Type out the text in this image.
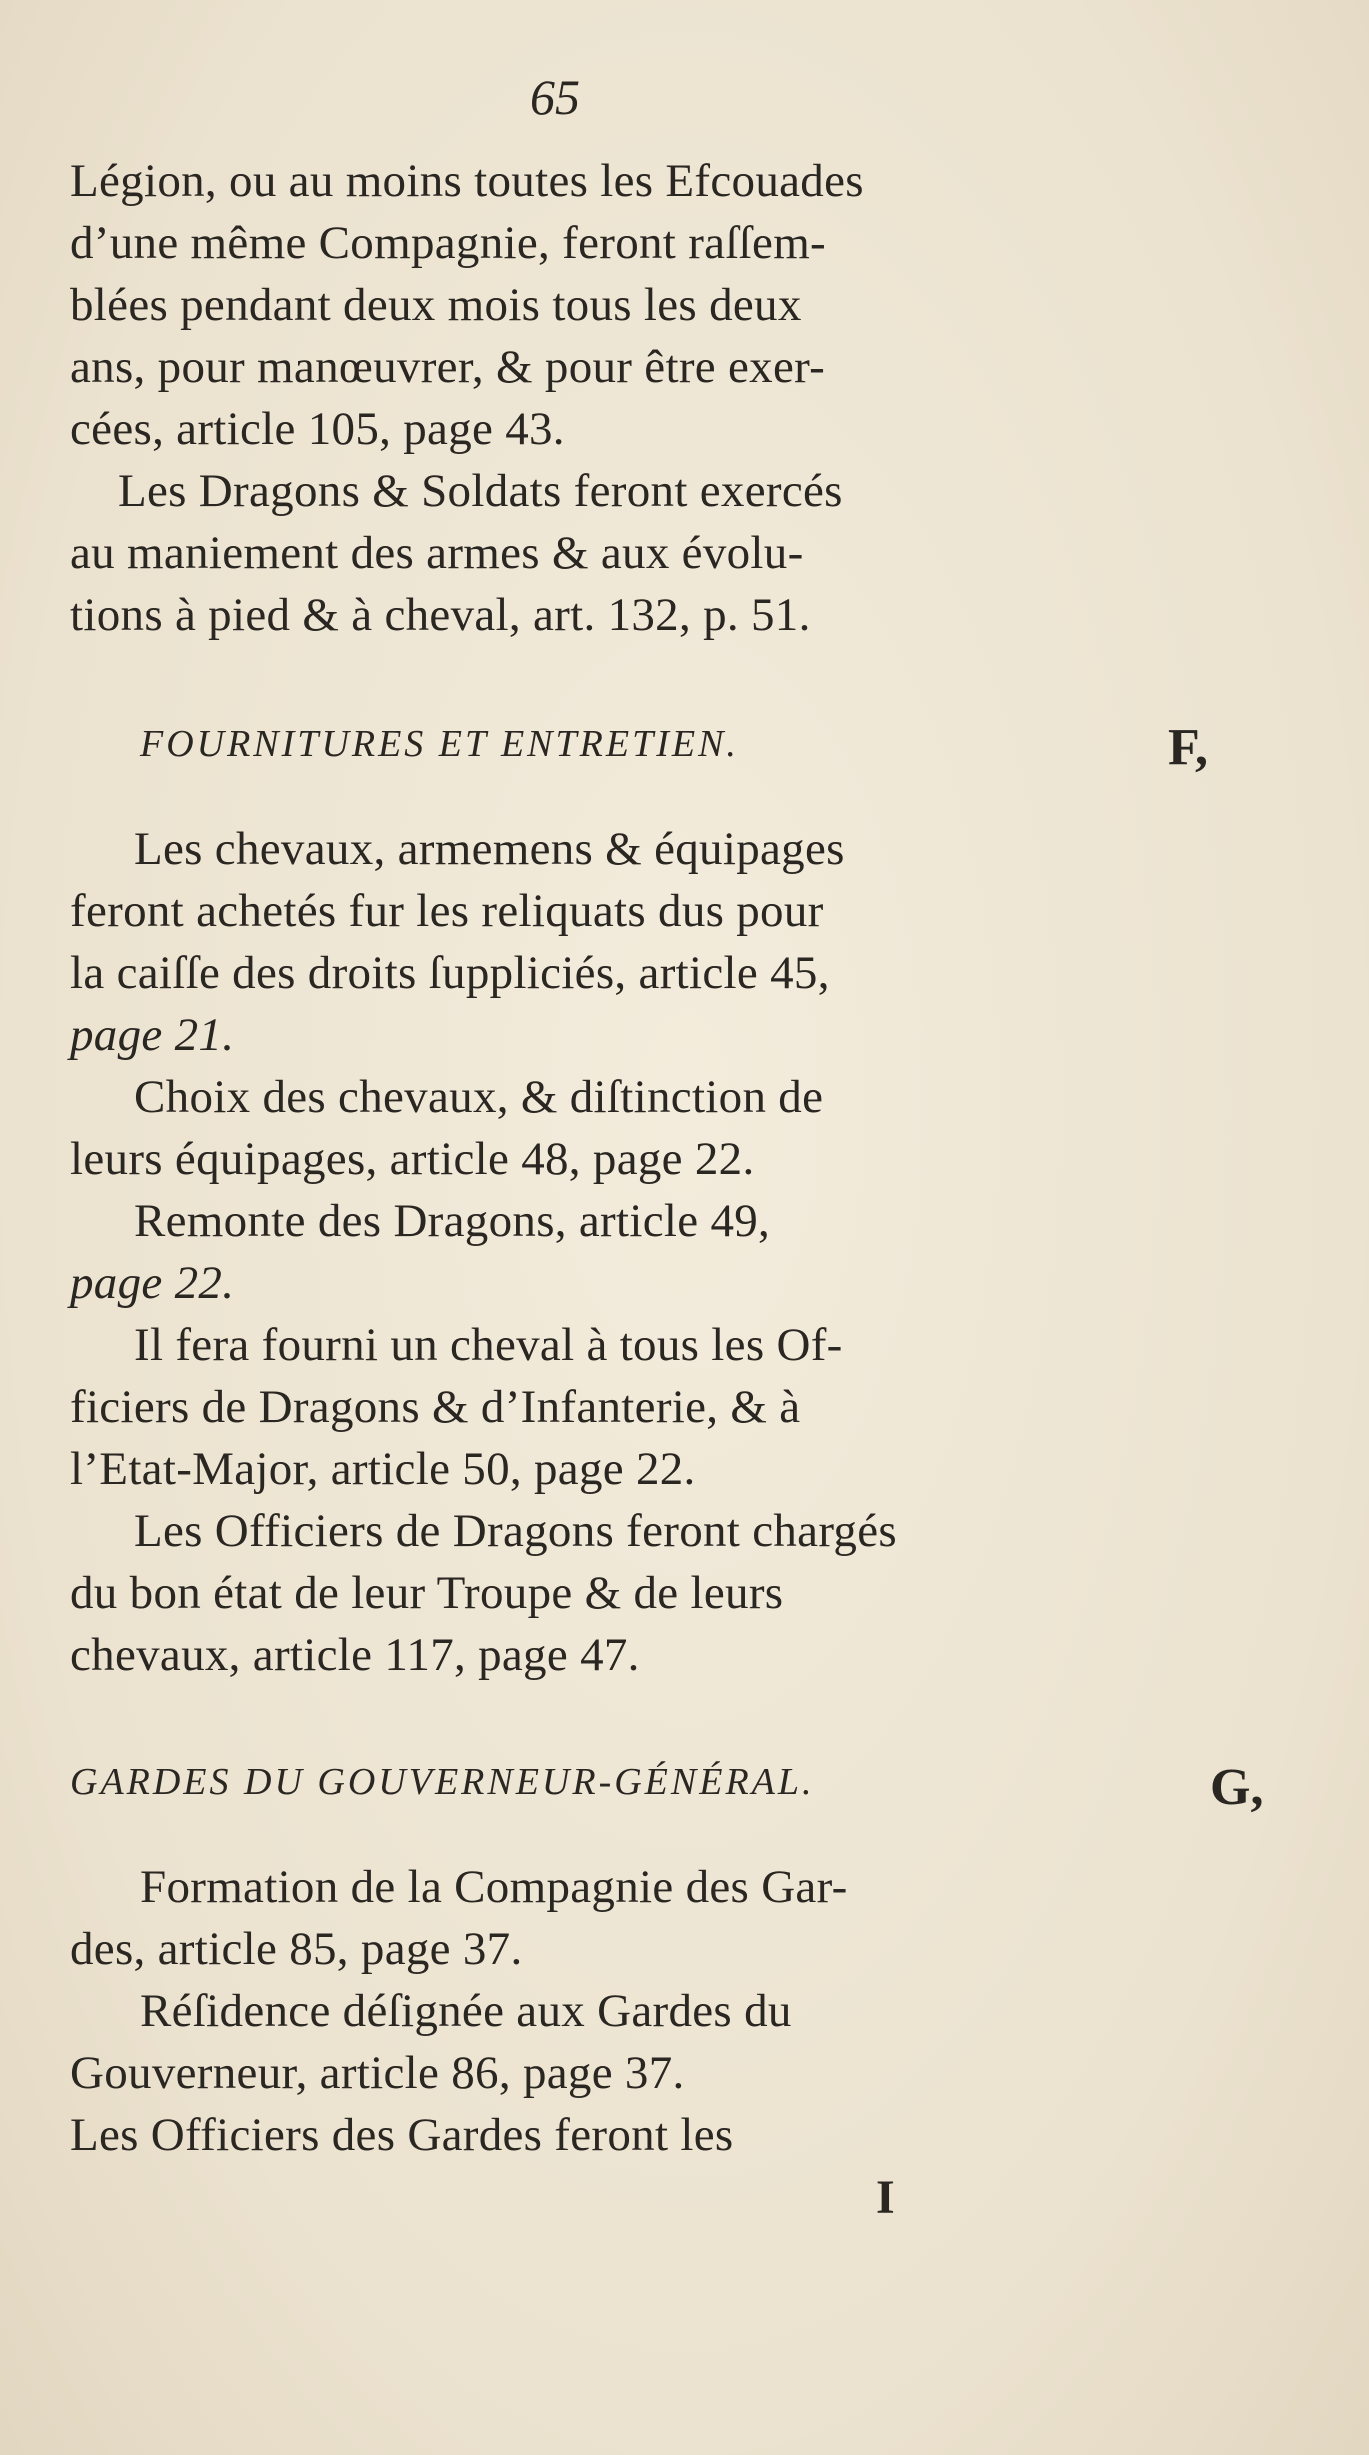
65
Légion, ou au moins toutes les Efcouades
d’une même Compagnie, feront raſſem-
blées pendant deux mois tous les deux
ans, pour manœuvrer, & pour être exer-
cées, article 105, page 43.
Les Dragons & Soldats feront exercés
au maniement des armes & aux évolu-
tions à pied & à cheval, art. 132, p. 51.
FOURNITURES ET ENTRETIEN.	F,
Les chevaux, armemens & équipages
feront achetés fur les reliquats dus pour
la caiſſe des droits ſuppliciés, article 45,
page 21.
Choix des chevaux, & diſtinction de
leurs équipages, article 48, page 22.
Remonte des Dragons, article 49,
page 22.
Il fera fourni un cheval à tous les Of-
ficiers de Dragons & d’Infanterie, & à
l’Etat-Major, article 50, page 22.
Les Officiers de Dragons feront chargés
du bon état de leur Troupe & de leurs
chevaux, article 117, page 47.
GARDES DU GOUVERNEUR-GÉNÉRAL.	G,
Formation de la Compagnie des Gar-
des, article 85, page 37.
Réſidence déſignée aux Gardes du
Gouverneur, article 86, page 37.
Les Officiers des Gardes feront les
I
